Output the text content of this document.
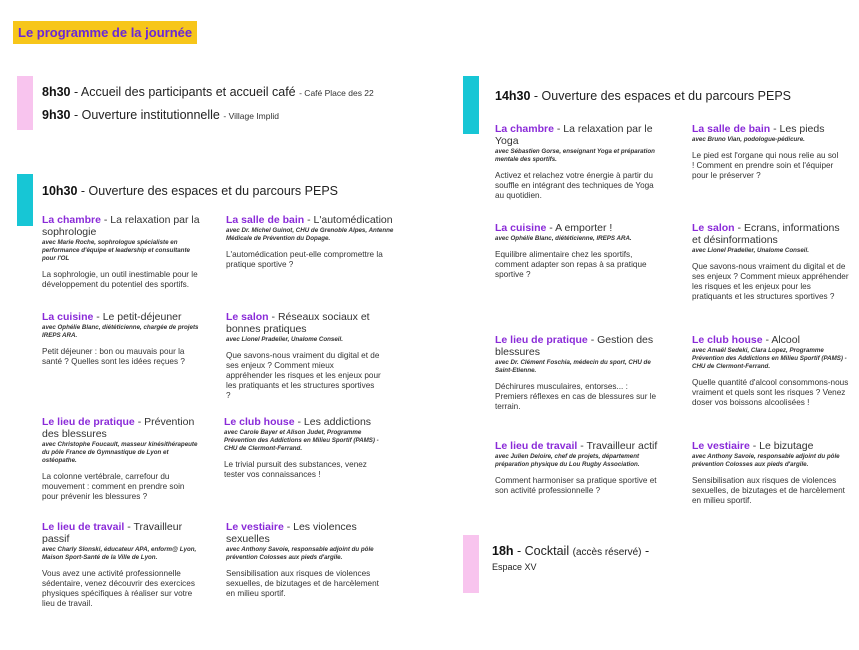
Le programme de la journée
8h30 - Accueil des participants et accueil café - Café Place des 22
9h30 - Ouverture institutionnelle - Village Implid
10h30 - Ouverture des espaces et du parcours PEPS
La chambre - La relaxation par la sophrologie
avec Marie Roche, sophrologue spécialiste en performance d'équipe et leadership et consultante pour l'OL
La sophrologie, un outil inestimable pour le développement du potentiel des sportifs.
La salle de bain - L'automédication
avec Dr. Michel Guinot, CHU de Grenoble Alpes, Antenne Médicale de Prévention du Dopage.
L'automédication peut-elle compromettre la pratique sportive ?
La cuisine - Le petit-déjeuner
avec Ophélie Blanc, diététicienne, chargée de projets IREPS ARA.
Petit déjeuner : bon ou mauvais pour la santé ? Quelles sont les idées reçues ?
Le salon - Réseaux sociaux et bonnes pratiques
avec Lionel Pradelier, Unalome Conseil.
Que savons-nous vraiment du digital et de ses enjeux ? Comment mieux appréhender les risques et les enjeux pour les pratiquants et les structures sportives ?
Le lieu de pratique - Prévention des blessures
avec Christophe Foucault, masseur kinésithérapeute du pôle France de Gymnastique de Lyon et ostéopathe.
La colonne vertébrale, carrefour du mouvement : comment en prendre soin pour prévenir les blessures ?
Le club house - Les addictions
avec Carole Bayer et Alison Judet, Programme Prévention des Addictions en Milieu Sportif (PAMS) - CHU de Clermont-Ferrand.
Le trivial pursuit des substances, venez tester vos connaissances !
Le lieu de travail - Travailleur passif
avec Charly Slonski, éducateur APA, enform@ Lyon, Maison Sport-Santé de la Ville de Lyon.
Vous avez une activité professionnelle sédentaire, venez découvrir des exercices physiques spécifiques à réaliser sur votre lieu de travail.
Le vestiaire - Les violences sexuelles
avec Anthony Savoie, responsable adjoint du pôle prévention Colosses aux pieds d'argile.
Sensibilisation aux risques de violences sexuelles, de bizutages et de harcèlement en milieu sportif.
14h30 - Ouverture des espaces et du parcours PEPS
La chambre - La relaxation par le Yoga
avec Sébastien Gorse, enseignant Yoga et préparation mentale des sportifs.
Activez et relachez votre énergie à partir du souffle en intégrant des techniques de Yoga au quotidien.
La salle de bain - Les pieds
avec Bruno Vian, podologue-pédicure.
Le pied est l'organe qui nous relie au sol ! Comment en prendre soin et l'équiper pour le préserver ?
La cuisine - A emporter !
avec Ophélie Blanc, diététicienne, IREPS ARA.
Equilibre alimentaire chez les sportifs, comment adapter son repas à sa pratique sportive ?
Le salon - Ecrans, informations et désinformations
avec Lionel Pradelier, Unalome Conseil.
Que savons-nous vraiment du digital et de ses enjeux ? Comment mieux appréhender les risques et les enjeux pour les pratiquants et les structures sportives ?
Le lieu de pratique - Gestion des blessures
avec Dr. Clément Foschia, médecin du sport, CHU de Saint-Etienne.
Déchirures musculaires, entorses... : Premiers réflexes en cas de blessures sur le terrain.
Le club house - Alcool
avec Amaël Sedeki, Clara Lopez, Programme Prévention des Addictions en Milieu Sportif (PAMS) - CHU de Clermont-Ferrand.
Quelle quantité d'alcool consommons-nous vraiment et quels sont les risques ? Venez doser vos boissons alcoolisées !
Le lieu de travail - Travailleur actif
avec Julien Deloire, chef de projets, département préparation physique du Lou Rugby Association.
Comment harmoniser sa pratique sportive et son activité professionnelle ?
Le vestiaire - Le bizutage
avec Anthony Savoie, responsable adjoint du pôle prévention Colosses aux pieds d'argile.
Sensibilisation aux risques de violences sexuelles, de bizutages et de harcèlement en milieu sportif.
18h - Cocktail (accès réservé) -
Espace XV
